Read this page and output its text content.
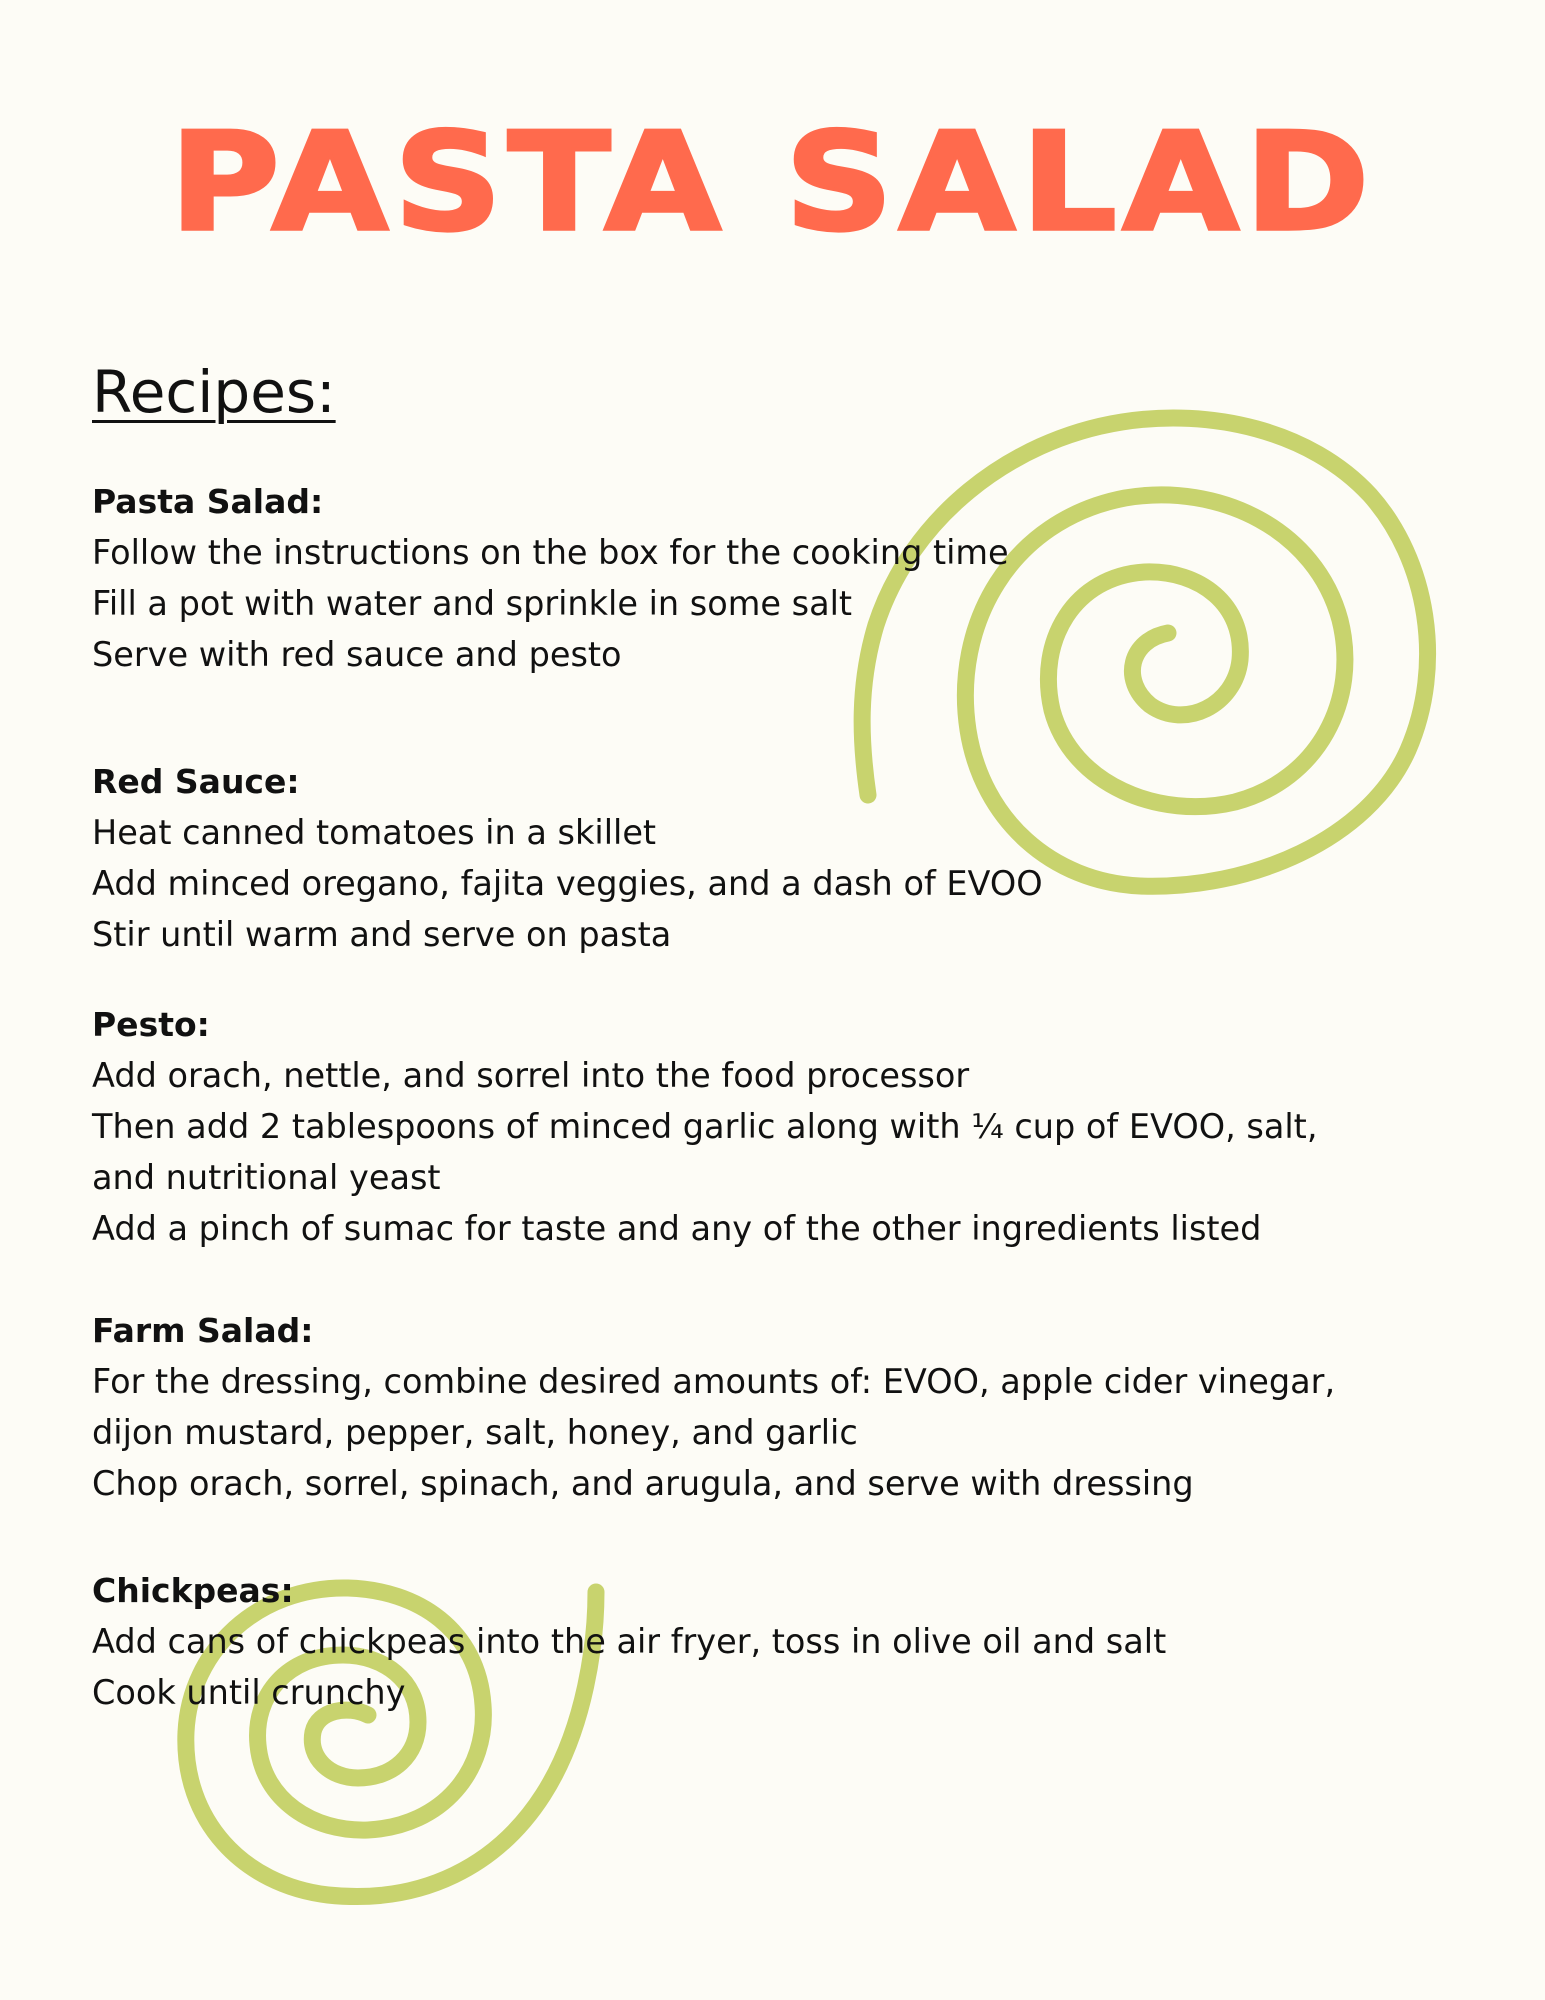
PASTA SALAD
Recipes:
Pasta Salad:
Follow the instructions on the box for the cooking time
Fill a pot with water and sprinkle in some salt
Serve with red sauce and pesto
Red Sauce:
Heat canned tomatoes in a skillet
Add minced oregano, fajita veggies, and a dash of EVOO
Stir until warm and serve on pasta
Pesto:
Add orach, nettle, and sorrel into the food processor
Then add 2 tablespoons of minced garlic along with ¼ cup of EVOO, salt,
and nutritional yeast
Add a pinch of sumac for taste and any of the other ingredients listed
Farm Salad:
For the dressing, combine desired amounts of: EVOO, apple cider vinegar,
dijon mustard, pepper, salt, honey, and garlic
Chop orach, sorrel, spinach, and arugula, and serve with dressing
Chickpeas:
Add cans of chickpeas into the air fryer, toss in olive oil and salt
Cook until crunchy
